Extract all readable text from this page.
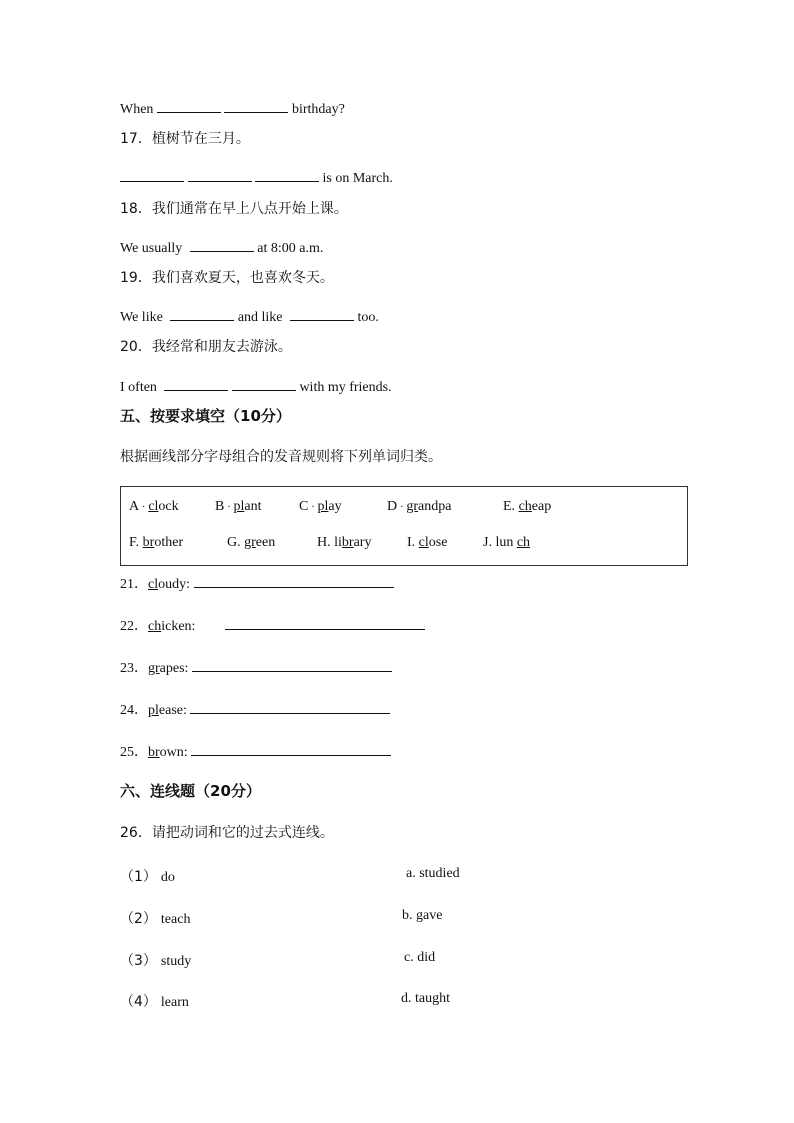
When	birthday?
17．植树节在三月。
is on March.
18．我们通常在早上八点开始上课。
We usually	at 8:00 a.m.
19．我们喜欢夏天，也喜欢冬天。
We like	and like	too.
20．我经常和朋友去游泳。
I often	with my friends.
五、按要求填空（10分）
根据画线部分字母组合的发音规则将下列单词归类。
A · clock	B · plant	C · play	D · grandpa	E. cheap
F. brother	G. green	H. library	I. close	J. lun ch
21．cloudy:
22．chicken:
23．grapes:
24．please:
25．brown:
六、连线题（20分）
26．请把动词和它的过去式连线。
（1） do	a. studied
（2） teach	b. gave
（3） study	c. did
（4） learn	d. taught
